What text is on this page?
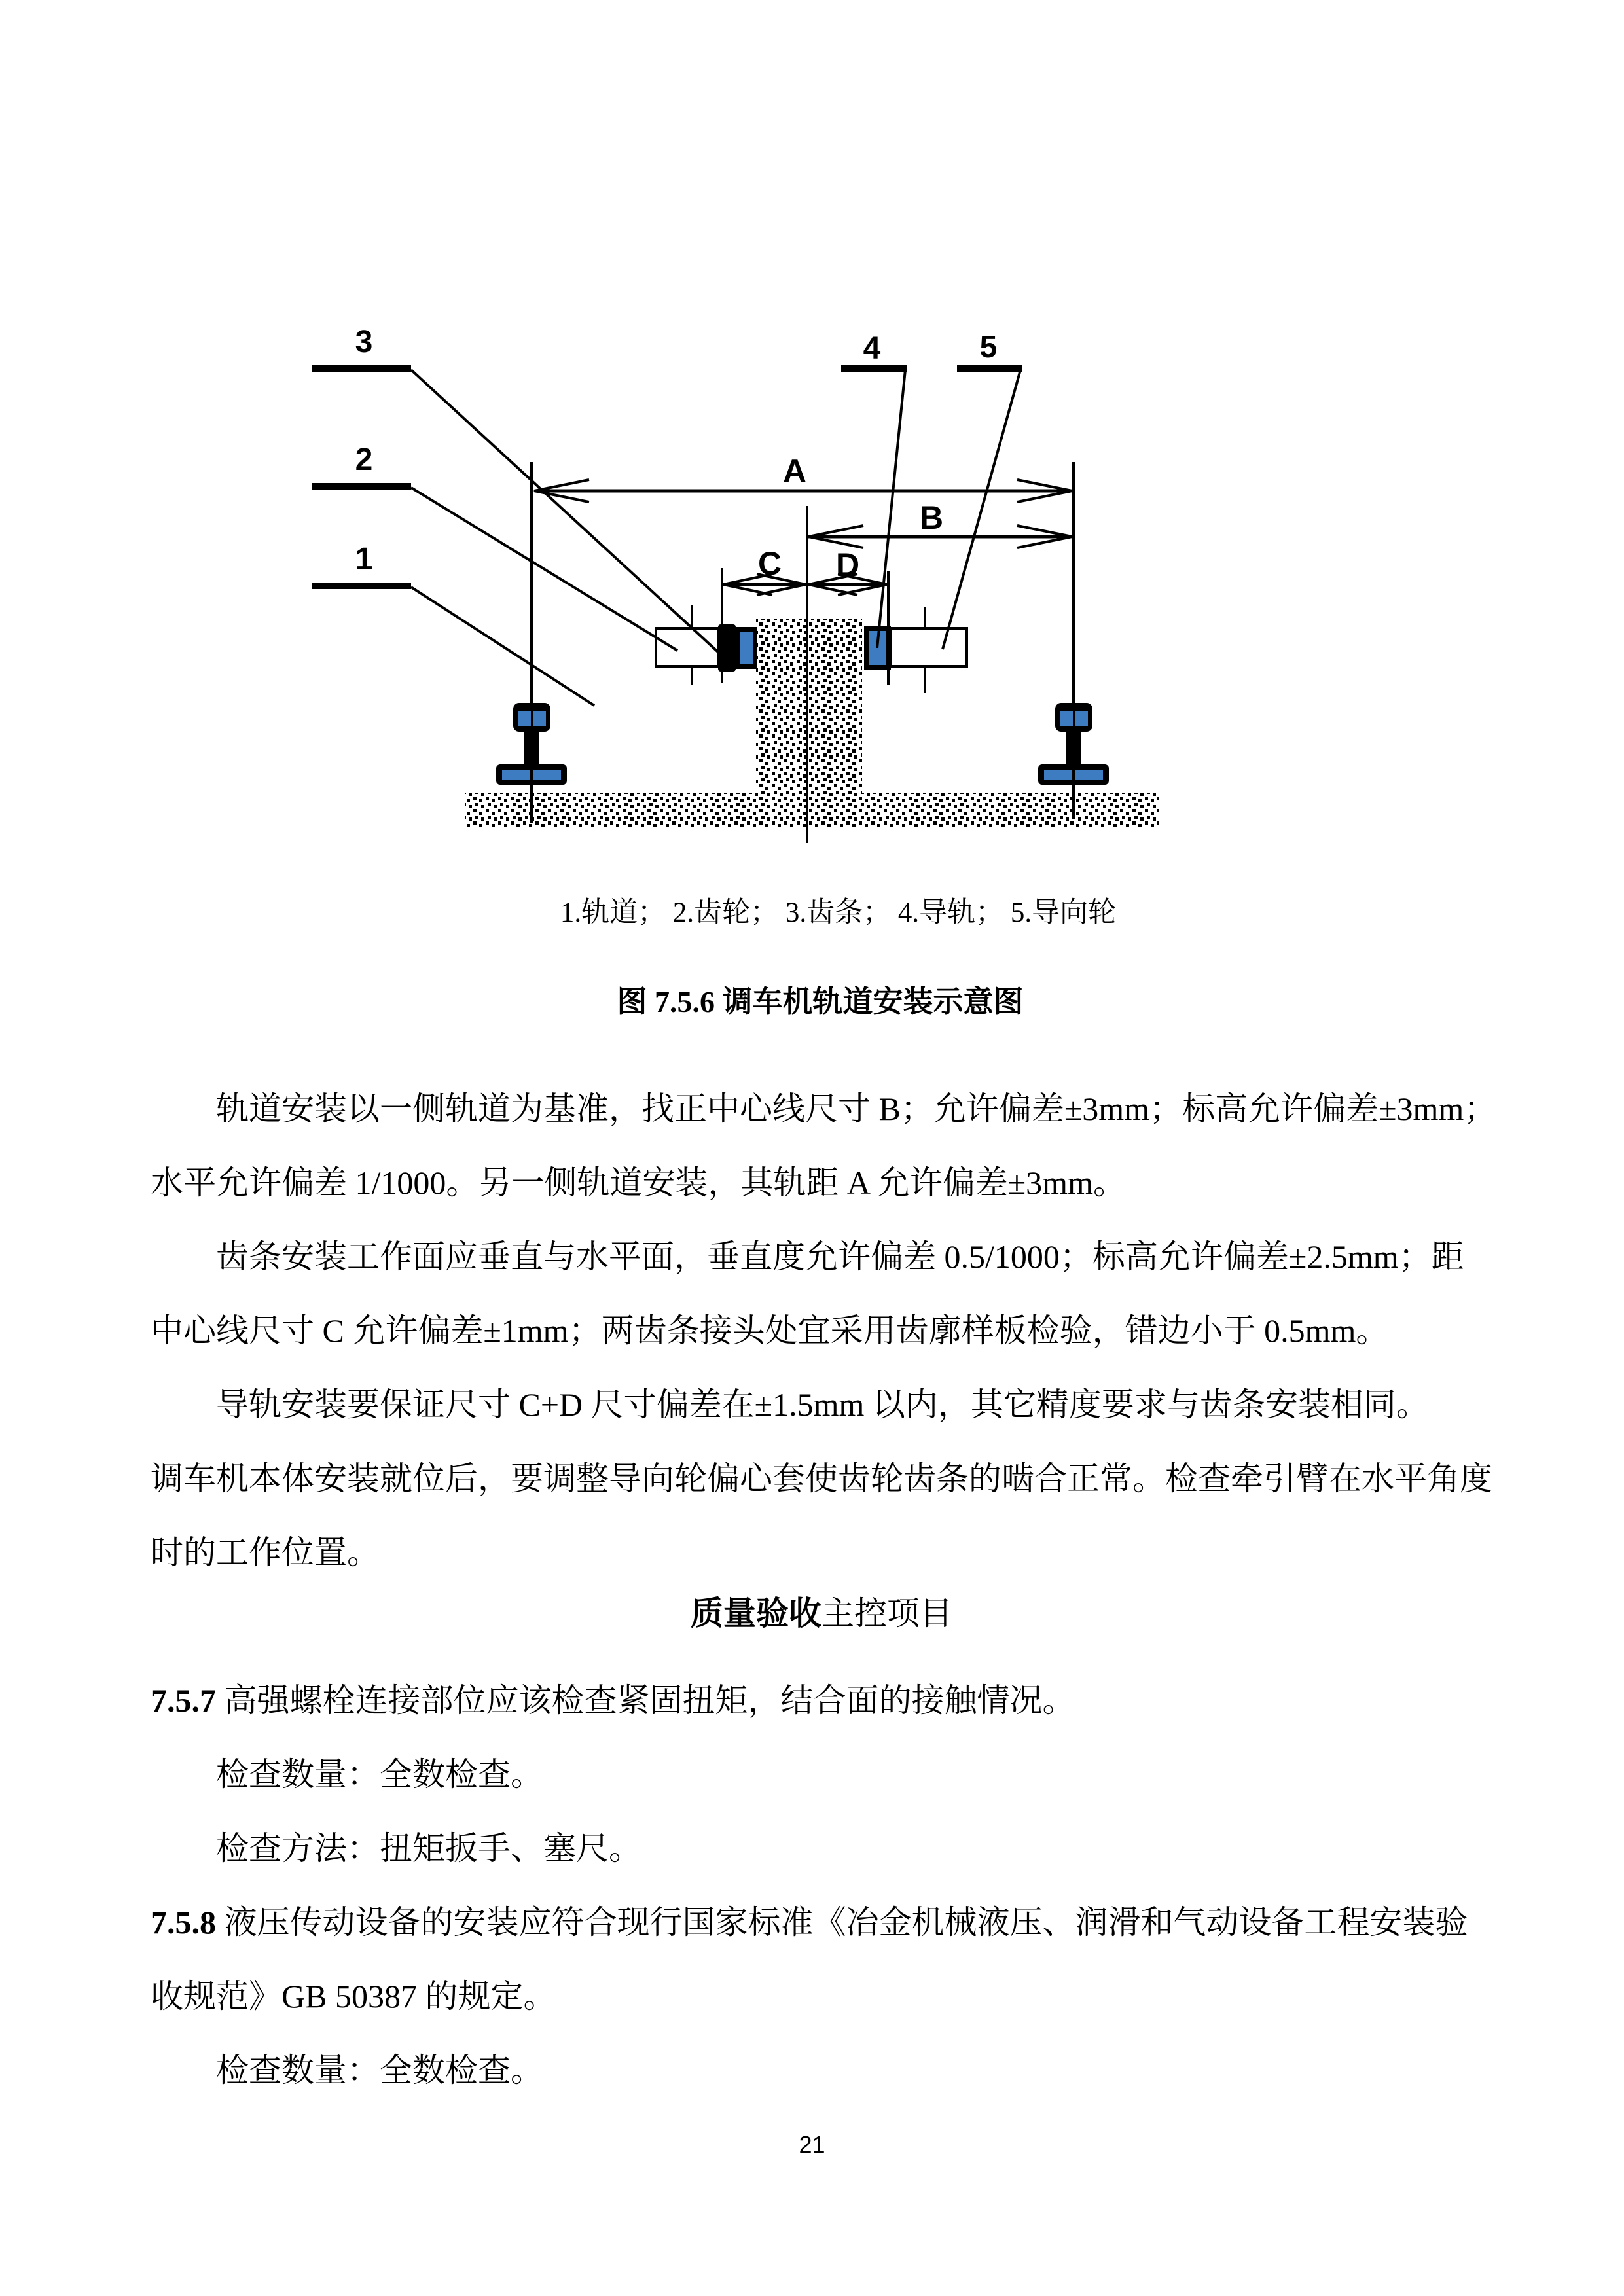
A
B
C D
3
2
1
4	5
1.轨道； 2.齿轮； 3.齿条； 4.导轨； 5.导向轮
图 7.5.6 调车机轨道安装示意图
轨道安装以一侧轨道为基准，找正中心线尺寸 B；允许偏差±3mm；标高允许偏差±3mm；
水平允许偏差 1/1000。另一侧轨道安装，其轨距 A 允许偏差±3mm。
齿条安装工作面应垂直与水平面，垂直度允许偏差 0.5/1000；标高允许偏差±2.5mm；距
中心线尺寸 C 允许偏差±1mm；两齿条接头处宜采用齿廓样板检验，错边小于 0.5mm。
导轨安装要保证尺寸 C+D 尺寸偏差在±1.5mm 以内，其它精度要求与齿条安装相同。
调车机本体安装就位后，要调整导向轮偏心套使齿轮齿条的啮合正常。检查牵引臂在水平角度
时的工作位置。
质量验收主控项目
7.5.7 高强螺栓连接部位应该检查紧固扭矩，结合面的接触情况。
检查数量：全数检查。
检查方法：扭矩扳手、塞尺。
7.5.8 液压传动设备的安装应符合现行国家标准《冶金机械液压、润滑和气动设备工程安装验
收规范》GB 50387 的规定。
检查数量：全数检查。
21
